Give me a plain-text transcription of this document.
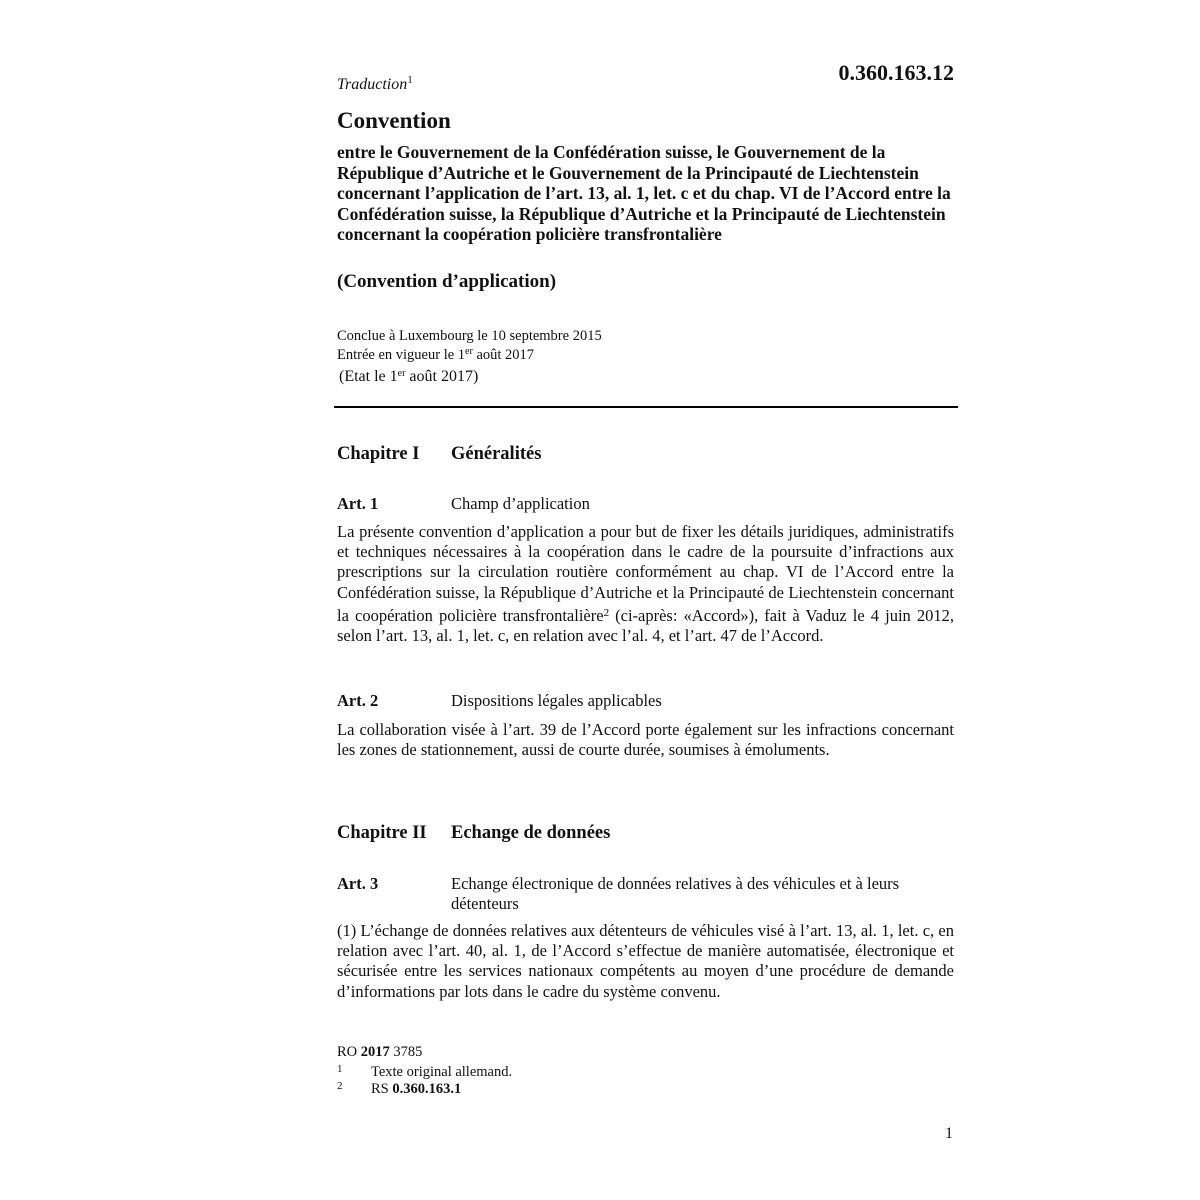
Traduction$^1$	0.360.163.12
Convention
entre le Gouvernement de la Confédération suisse, le Gouvernement de la République d’Autriche et le Gouvernement de la Principauté de Liechtenstein concernant l’application de l’art. 13, al. 1, let. c et du chap. VI de l’Accord entre la Confédération suisse, la République d’Autriche et la Principauté de Liechtenstein concernant la coopération policière transfrontalière
(Convention d’application)
Conclue à Luxembourg le 10 septembre 2015
Entrée en vigueur le 1er août 2017
(Etat le 1er août 2017)
Chapitre I Généralités
Art. 1	Champ d’application
La présente convention d’application a pour but de fixer les détails juridiques, administratifs et techniques nécessaires à la coopération dans le cadre de la poursuite d’infractions aux prescriptions sur la circulation routière conformément au chap. VI de l’Accord entre la Confédération suisse, la République d’Autriche et la Principauté de Liechtenstein concernant la coopération policière transfrontalière$^2$ (ci-après: «Accord»), fait à Vaduz le 4 juin 2012, selon l’art. 13, al. 1, let. c, en relation avec l’al. 4, et l’art. 47 de l’Accord.
Art. 2	Dispositions légales applicables
La collaboration visée à l’art. 39 de l’Accord porte également sur les infractions concernant les zones de stationnement, aussi de courte durée, soumises à émoluments.
Chapitre II Echange de données
Art. 3	Echange électronique de données relatives à des véhicules et à leurs détenteurs
(1) L’échange de données relatives aux détenteurs de véhicules visé à l’art. 13, al. 1, let. c, en relation avec l’art. 40, al. 1, de l’Accord s’effectue de manière automatisée, électronique et sécurisée entre les services nationaux compétents au moyen d’une procédure de demande d’informations par lots dans le cadre du système convenu.
RO 2017 3785
1 Texte original allemand.
2 RS 0.360.163.1
1
